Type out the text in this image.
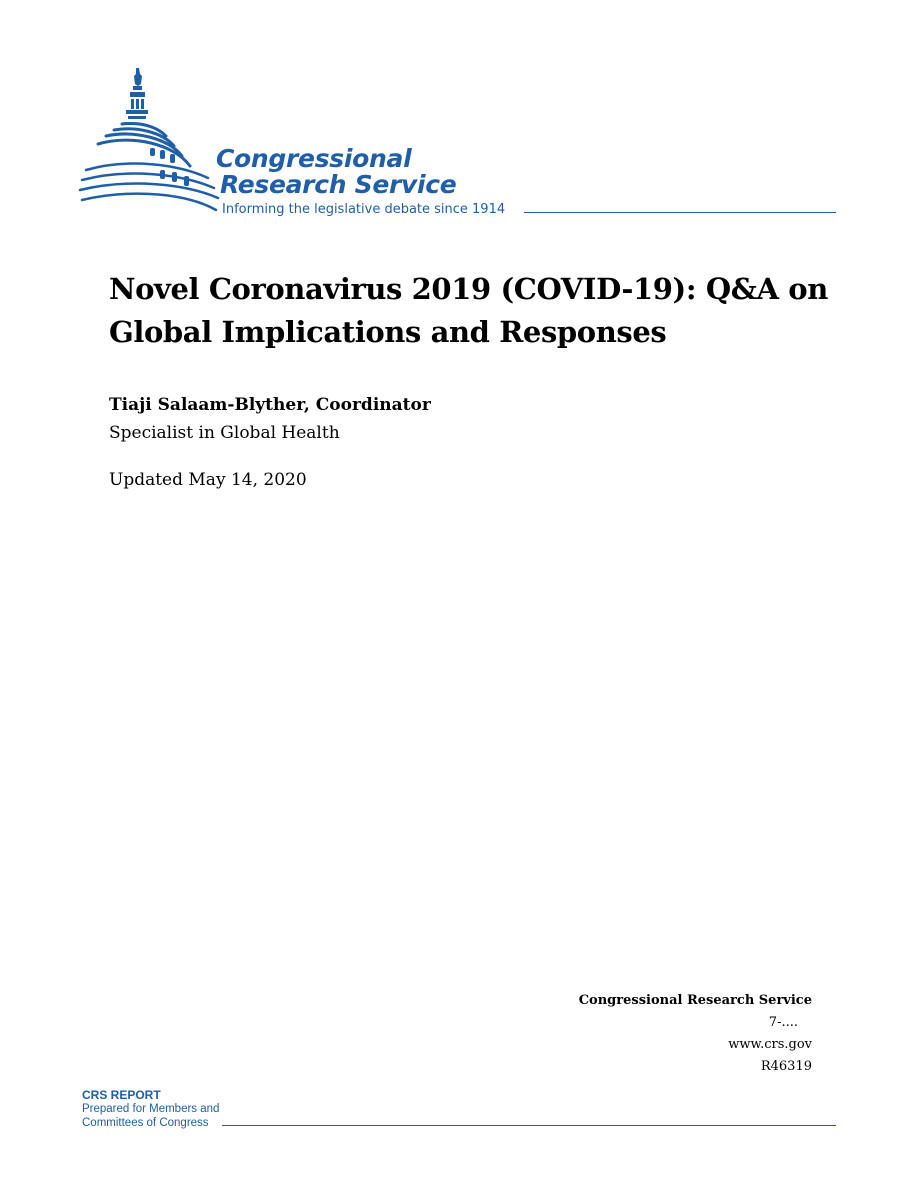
Congressional
Research Service
Informing the legislative debate since 1914
Novel Coronavirus 2019 (COVID-19): Q&A on Global Implications and Responses
Tiaji Salaam-Blyther, Coordinator
Specialist in Global Health
Updated May 14, 2020
Congressional Research Service
7-....
www.crs.gov
R46319
CRS REPORT
Prepared for Members and
Committees of Congress
